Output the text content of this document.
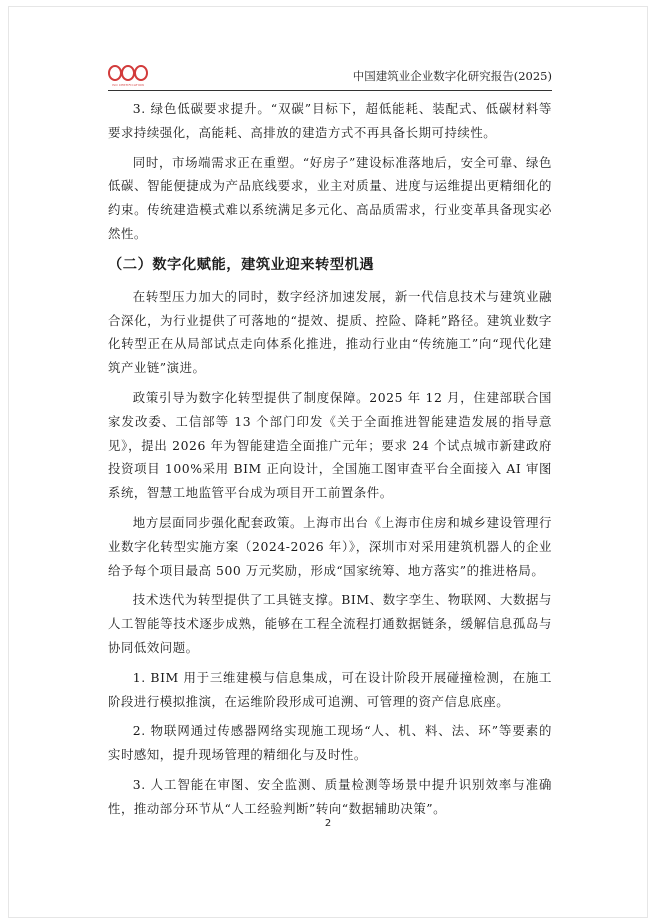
ISO CERTIFICATION
中国建筑业企业数字化研究报告(2025)

3. 绿色低碳要求提升。“双碳”目标下，超低能耗、装配式、低碳材料等要求持续强化，高能耗、高排放的建造方式不再具备长期可持续性。

同时，市场端需求正在重塑。“好房子”建设标准落地后，安全可靠、绿色低碳、智能便捷成为产品底线要求，业主对质量、进度与运维提出更精细化的约束。传统建造模式难以系统满足多元化、高品质需求，行业变革具备现实必然性。

（二）数字化赋能，建筑业迎来转型机遇

在转型压力加大的同时，数字经济加速发展，新一代信息技术与建筑业融合深化，为行业提供了可落地的“提效、提质、控险、降耗”路径。建筑业数字化转型正在从局部试点走向体系化推进，推动行业由“传统施工”向“现代化建筑产业链”演进。

政策引导为数字化转型提供了制度保障。2025 年 12 月，住建部联合国家发改委、工信部等 13 个部门印发《关于全面推进智能建造发展的指导意见》，提出 2026 年为智能建造全面推广元年；要求 24 个试点城市新建政府投资项目 100%采用 BIM 正向设计，全国施工图审查平台全面接入 AI 审图系统，智慧工地监管平台成为项目开工前置条件。

地方层面同步强化配套政策。上海市出台《上海市住房和城乡建设管理行业数字化转型实施方案（2024-2026 年）》，深圳市对采用建筑机器人的企业给予每个项目最高 500 万元奖励，形成“国家统筹、地方落实”的推进格局。

技术迭代为转型提供了工具链支撑。BIM、数字孪生、物联网、大数据与人工智能等技术逐步成熟，能够在工程全流程打通数据链条，缓解信息孤岛与协同低效问题。

1. BIM 用于三维建模与信息集成，可在设计阶段开展碰撞检测，在施工阶段进行模拟推演，在运维阶段形成可追溯、可管理的资产信息底座。

2. 物联网通过传感器网络实现施工现场“人、机、料、法、环”等要素的实时感知，提升现场管理的精细化与及时性。

3. 人工智能在审图、安全监测、质量检测等场景中提升识别效率与准确性，推动部分环节从“人工经验判断”转向“数据辅助决策”。

2
